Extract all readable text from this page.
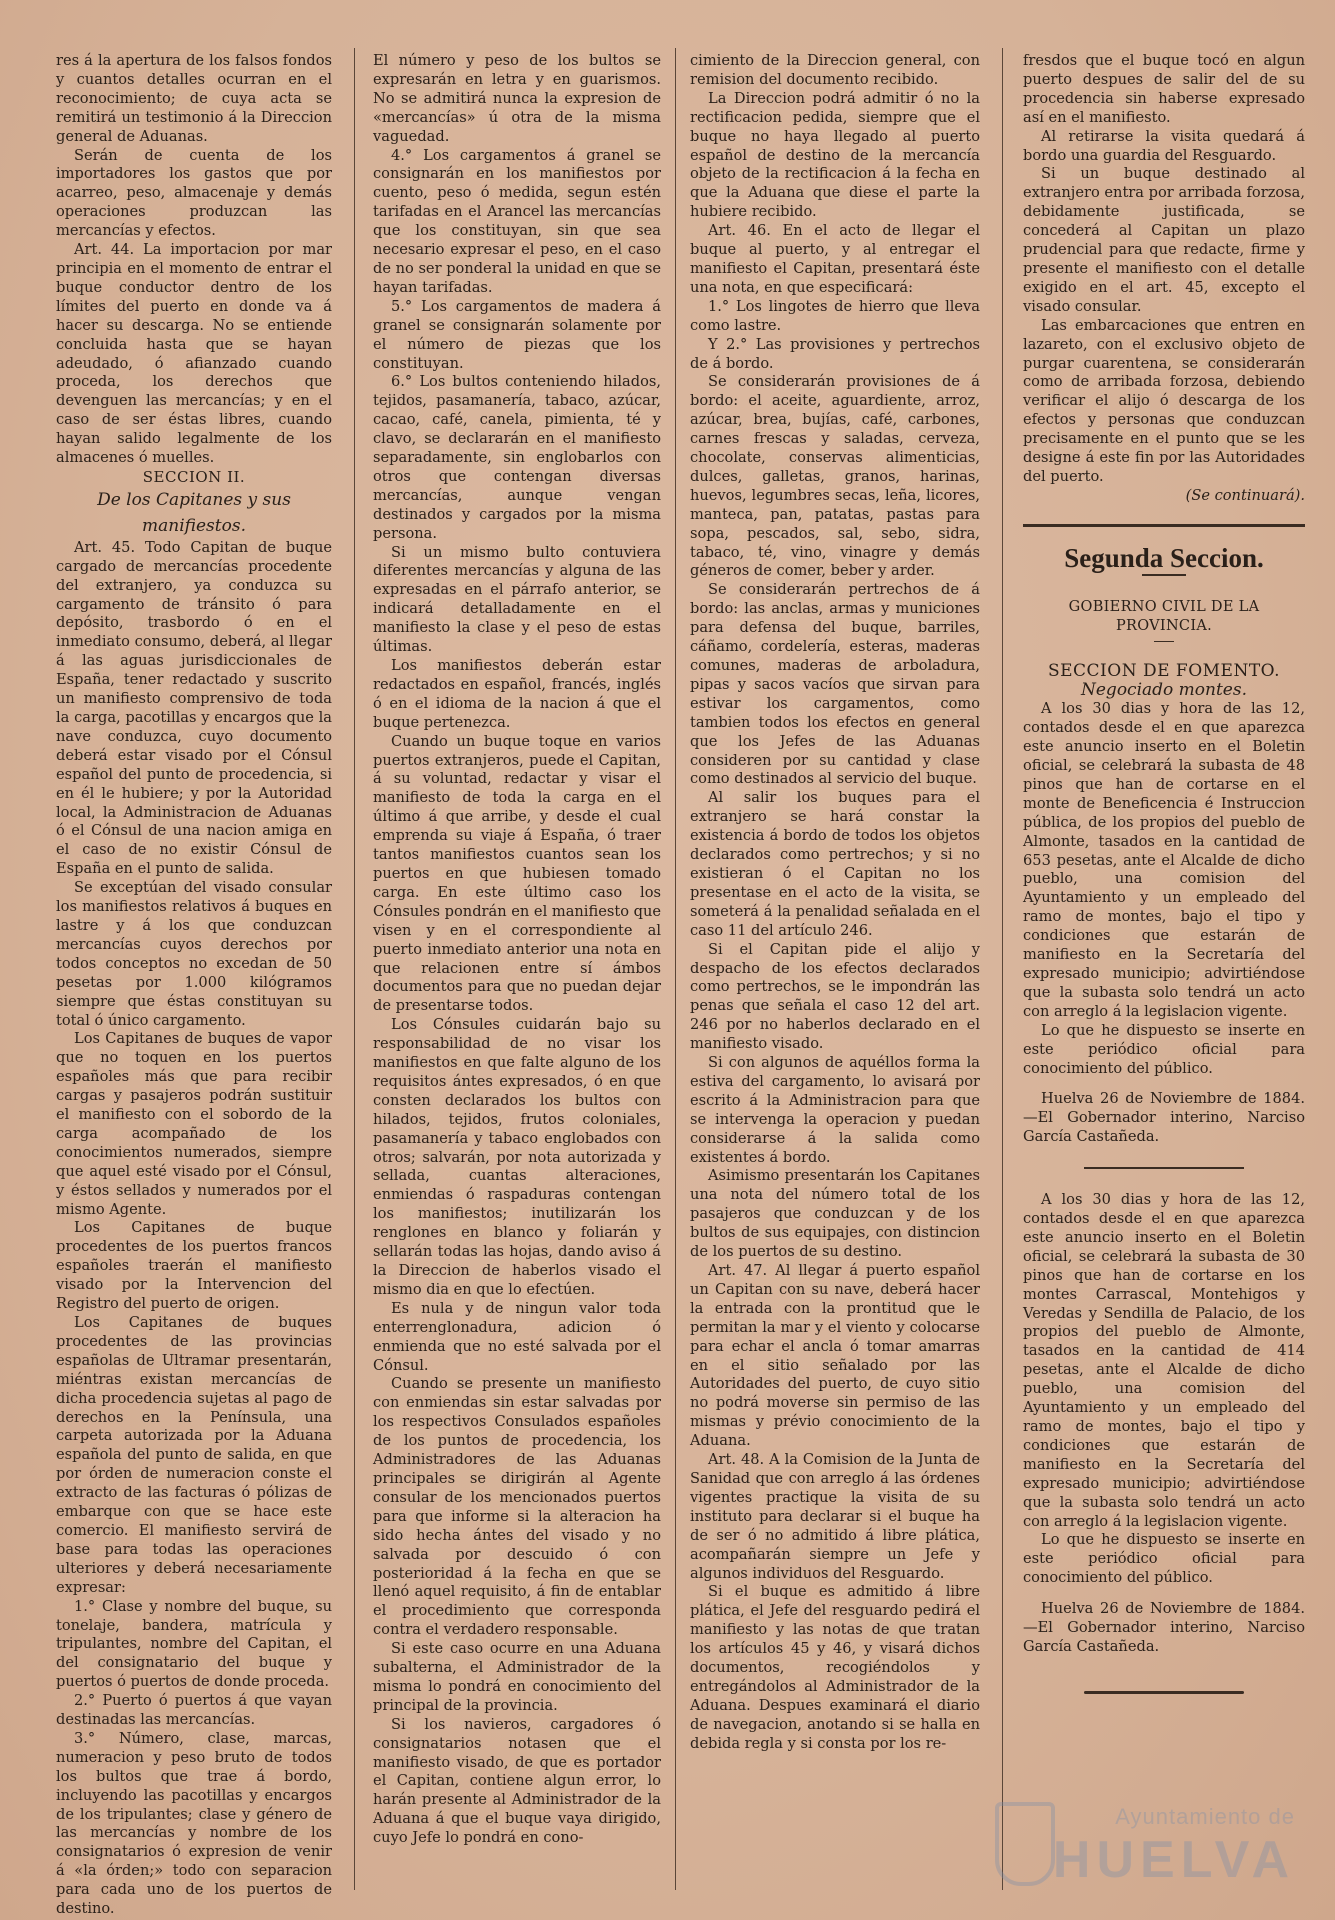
res á la apertura de los falsos fondos y cuantos detalles ocurran en el reconocimiento; de cuya acta se remitirá un testimonio á la Direccion general de Aduanas.

Serán de cuenta de los importadores los gastos que por acarreo, peso, almacenaje y demás operaciones produzcan las mercancías y efectos.

Art. 44. La importacion por mar principia en el momento de entrar el buque conductor dentro de los límites del puerto en donde va á hacer su descarga. No se entiende concluida hasta que se hayan adeudado, ó afianzado cuando proceda, los derechos que devenguen las mercancías; y en el caso de ser éstas libres, cuando hayan salido legalmente de los almacenes ó muelles.

SECCION II.

De los Capitanes y sus manifiestos.

Art. 45. Todo Capitan de buque cargado de mercancías procedente del extranjero, ya conduzca su cargamento de tránsito ó para depósito, trasbordo ó en el inmediato consumo, deberá, al llegar á las aguas jurisdiccionales de España, tener redactado y suscrito un manifiesto comprensivo de toda la carga, pacotillas y encargos que la nave conduzca, cuyo documento deberá estar visado por el Cónsul español del punto de procedencia, si en él le hubiere; y por la Autoridad local, la Administracion de Aduanas ó el Cónsul de una nacion amiga en el caso de no existir Cónsul de España en el punto de salida.

Se exceptúan del visado consular los manifiestos relativos á buques en lastre y á los que conduzcan mercancías cuyos derechos por todos conceptos no excedan de 50 pesetas por 1.000 kilógramos siempre que éstas constituyan su total ó único cargamento.

Los Capitanes de buques de vapor que no toquen en los puertos españoles más que para recibir cargas y pasajeros podrán sustituir el manifiesto con el sobordo de la carga acompañado de los conocimientos numerados, siempre que aquel esté visado por el Cónsul, y éstos sellados y numerados por el mismo Agente.

Los Capitanes de buque procedentes de los puertos francos españoles traerán el manifiesto visado por la Intervencion del Registro del puerto de origen.

Los Capitanes de buques procedentes de las provincias españolas de Ultramar presentarán, miéntras existan mercancías de dicha procedencia sujetas al pago de derechos en la Península, una carpeta autorizada por la Aduana española del punto de salida, en que por órden de numeracion conste el extracto de las facturas ó pólizas de embarque con que se hace este comercio. El manifiesto servirá de base para todas las operaciones ulteriores y deberá necesariamente expresar:

1.° Clase y nombre del buque, su tonelaje, bandera, matrícula y tripulantes, nombre del Capitan, el del consignatario del buque y puertos ó puertos de donde proceda.

2.° Puerto ó puertos á que vayan destinadas las mercancías.

3.° Número, clase, marcas, numeracion y peso bruto de todos los bultos que trae á bordo, incluyendo las pacotillas y encargos de los tripulantes; clase y género de las mercancías y nombre de los consignatarios ó expresion de venir á «la órden;» todo con separacion para cada uno de los puertos de destino.

El número y peso de los bultos se expresarán en letra y en guarismos. No se admitirá nunca la expresion de «mercancías» ú otra de la misma vaguedad.

4.° Los cargamentos á granel se consignarán en los manifiestos por cuento, peso ó medida, segun estén tarifadas en el Arancel las mercancías que los constituyan, sin que sea necesario expresar el peso, en el caso de no ser ponderal la unidad en que se hayan tarifadas.

5.° Los cargamentos de madera á granel se consignarán solamente por el número de piezas que los constituyan.

6.° Los bultos conteniendo hilados, tejidos, pasamanería, tabaco, azúcar, cacao, café, canela, pimienta, té y clavo, se declararán en el manifiesto separadamente, sin englobarlos con otros que contengan diversas mercancías, aunque vengan destinados y cargados por la misma persona.

Si un mismo bulto contuviera diferentes mercancías y alguna de las expresadas en el párrafo anterior, se indicará detalladamente en el manifiesto la clase y el peso de estas últimas.

Los manifiestos deberán estar redactados en español, francés, inglés ó en el idioma de la nacion á que el buque pertenezca.

Cuando un buque toque en varios puertos extranjeros, puede el Capitan, á su voluntad, redactar y visar el manifiesto de toda la carga en el último á que arribe, y desde el cual emprenda su viaje á España, ó traer tantos manifiestos cuantos sean los puertos en que hubiesen tomado carga. En este último caso los Cónsules pondrán en el manifiesto que visen y en el correspondiente al puerto inmediato anterior una nota en que relacionen entre sí ámbos documentos para que no puedan dejar de presentarse todos.

Los Cónsules cuidarán bajo su responsabilidad de no visar los manifiestos en que falte alguno de los requisitos ántes expresados, ó en que consten declarados los bultos con hilados, tejidos, frutos coloniales, pasamanería y tabaco englobados con otros; salvarán, por nota autorizada y sellada, cuantas alteraciones, enmiendas ó raspaduras contengan los manifiestos; inutilizarán los renglones en blanco y foliarán y sellarán todas las hojas, dando aviso á la Direccion de haberlos visado el mismo dia en que lo efectúen.

Es nula y de ningun valor toda enterrenglonadura, adicion ó enmienda que no esté salvada por el Cónsul.

Cuando se presente un manifiesto con enmiendas sin estar salvadas por los respectivos Consulados españoles de los puntos de procedencia, los Administradores de las Aduanas principales se dirigirán al Agente consular de los mencionados puertos para que informe si la alteracion ha sido hecha ántes del visado y no salvada por descuido ó con posterioridad á la fecha en que se llenó aquel requisito, á fin de entablar el procedimiento que corresponda contra el verdadero responsable.

Si este caso ocurre en una Aduana subalterna, el Administrador de la misma lo pondrá en conocimiento del principal de la provincia.

Si los navieros, cargadores ó consignatarios notasen que el manifiesto visado, de que es portador el Capitan, contiene algun error, lo harán presente al Administrador de la Aduana á que el buque vaya dirigido, cuyo Jefe lo pondrá en cono-

cimiento de la Direccion general, con remision del documento recibido.

La Direccion podrá admitir ó no la rectificacion pedida, siempre que el buque no haya llegado al puerto español de destino de la mercancía objeto de la rectificacion á la fecha en que la Aduana que diese el parte la hubiere recibido.

Art. 46. En el acto de llegar el buque al puerto, y al entregar el manifiesto el Capitan, presentará éste una nota, en que especificará:

1.° Los lingotes de hierro que lleva como lastre.

Y 2.° Las provisiones y pertrechos de á bordo.

Se considerarán provisiones de á bordo: el aceite, aguardiente, arroz, azúcar, brea, bujías, café, carbones, carnes frescas y saladas, cerveza, chocolate, conservas alimenticias, dulces, galletas, granos, harinas, huevos, legumbres secas, leña, licores, manteca, pan, patatas, pastas para sopa, pescados, sal, sebo, sidra, tabaco, té, vino, vinagre y demás géneros de comer, beber y arder.

Se considerarán pertrechos de á bordo: las anclas, armas y municiones para defensa del buque, barriles, cáñamo, cordelería, esteras, maderas comunes, maderas de arboladura, pipas y sacos vacíos que sirvan para estivar los cargamentos, como tambien todos los efectos en general que los Jefes de las Aduanas consideren por su cantidad y clase como destinados al servicio del buque.

Al salir los buques para el extranjero se hará constar la existencia á bordo de todos los objetos declarados como pertrechos; y si no existieran ó el Capitan no los presentase en el acto de la visita, se someterá á la penalidad señalada en el caso 11 del artículo 246.

Si el Capitan pide el alijo y despacho de los efectos declarados como pertrechos, se le impondrán las penas que señala el caso 12 del art. 246 por no haberlos declarado en el manifiesto visado.

Si con algunos de aquéllos forma la estiva del cargamento, lo avisará por escrito á la Administracion para que se intervenga la operacion y puedan considerarse á la salida como existentes á bordo.

Asimismo presentarán los Capitanes una nota del número total de los pasajeros que conduzcan y de los bultos de sus equipajes, con distincion de los puertos de su destino.

Art. 47. Al llegar á puerto español un Capitan con su nave, deberá hacer la entrada con la prontitud que le permitan la mar y el viento y colocarse para echar el ancla ó tomar amarras en el sitio señalado por las Autoridades del puerto, de cuyo sitio no podrá moverse sin permiso de las mismas y prévio conocimiento de la Aduana.

Art. 48. A la Comision de la Junta de Sanidad que con arreglo á las órdenes vigentes practique la visita de su instituto para declarar si el buque ha de ser ó no admitido á libre plática, acompañarán siempre un Jefe y algunos individuos del Resguardo.

Si el buque es admitido á libre plática, el Jefe del resguardo pedirá el manifiesto y las notas de que tratan los artículos 45 y 46, y visará dichos documentos, recogiéndolos y entregándolos al Administrador de la Aduana. Despues examinará el diario de navegacion, anotando si se halla en debida regla y si consta por los re-

fresdos que el buque tocó en algun puerto despues de salir del de su procedencia sin haberse expresado así en el manifiesto.

Al retirarse la visita quedará á bordo una guardia del Resguardo.

Si un buque destinado al extranjero entra por arribada forzosa, debidamente justificada, se concederá al Capitan un plazo prudencial para que redacte, firme y presente el manifiesto con el detalle exigido en el art. 45, excepto el visado consular.

Las embarcaciones que entren en lazareto, con el exclusivo objeto de purgar cuarentena, se considerarán como de arribada forzosa, debiendo verificar el alijo ó descarga de los efectos y personas que conduzcan precisamente en el punto que se les designe á este fin por las Autoridades del puerto.

(Se continuará).

Segunda Seccion.

GOBIERNO CIVIL DE LA PROVINCIA.

SECCION DE FOMENTO.

Negociado montes.

A los 30 dias y hora de las 12, contados desde el en que aparezca este anuncio inserto en el Boletin oficial, se celebrará la subasta de 48 pinos que han de cortarse en el monte de Beneficencia é Instruccion pública, de los propios del pueblo de Almonte, tasados en la cantidad de 653 pesetas, ante el Alcalde de dicho pueblo, una comision del Ayuntamiento y un empleado del ramo de montes, bajo el tipo y condiciones que estarán de manifiesto en la Secretaría del expresado municipio; advirtiéndose que la subasta solo tendrá un acto con arreglo á la legislacion vigente.

Lo que he dispuesto se inserte en este periódico oficial para conocimiento del público.

Huelva 26 de Noviembre de 1884. —El Gobernador interino, Narciso García Castañeda.

A los 30 dias y hora de las 12, contados desde el en que aparezca este anuncio inserto en el Boletin oficial, se celebrará la subasta de 30 pinos que han de cortarse en los montes Carrascal, Montehigos y Veredas y Sendilla de Palacio, de los propios del pueblo de Almonte, tasados en la cantidad de 414 pesetas, ante el Alcalde de dicho pueblo, una comision del Ayuntamiento y un empleado del ramo de montes, bajo el tipo y condiciones que estarán de manifiesto en la Secretaría del expresado municipio; advirtiéndose que la subasta solo tendrá un acto con arreglo á la legislacion vigente.

Lo que he dispuesto se inserte en este periódico oficial para conocimiento del público.

Huelva 26 de Noviembre de 1884. —El Gobernador interino, Narciso García Castañeda.

Ayuntamiento de
HUELVA
